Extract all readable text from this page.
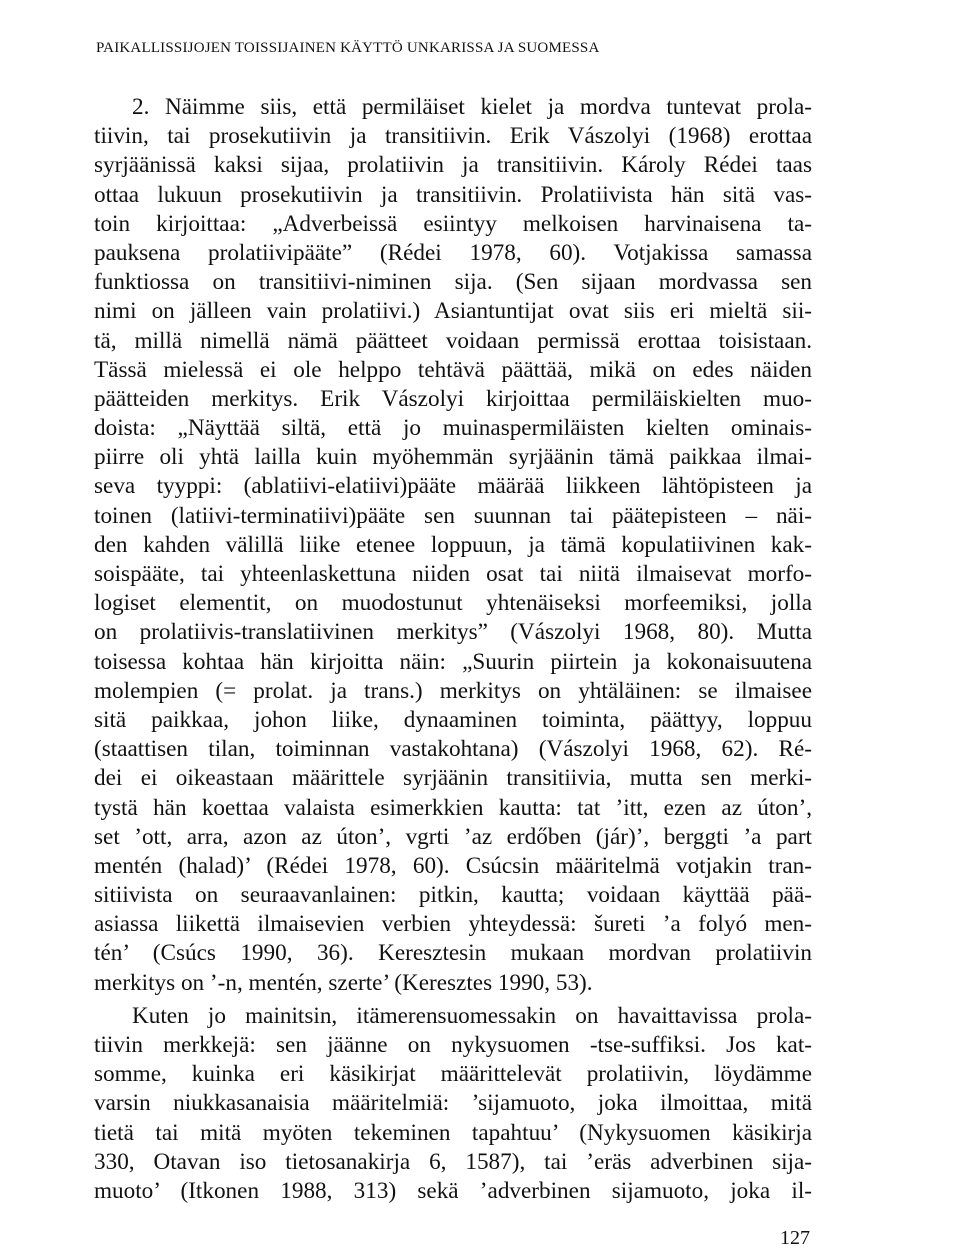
PAIKALLISSIJOJEN TOISSIJAINEN KÄYTTÖ UNKARISSA JA SUOMESSA
2. Näimme siis, että permiläiset kielet ja mordva tuntevat prola-
tiivin, tai prosekutiivin ja transitiivin. Erik Vászolyi (1968) erottaa
syrjäänissä kaksi sijaa, prolatiivin ja transitiivin. Károly Rédei taas
ottaa lukuun prosekutiivin ja transitiivin. Prolatiivista hän sitä vas-
toin kirjoittaa: „Adverbeissä esiintyy melkoisen harvinaisena ta-
pauksena prolatiivipääte” (Rédei 1978, 60). Votjakissa samassa
funktiossa on transitiivi-niminen sija. (Sen sijaan mordvassa sen
nimi on jälleen vain prolatiivi.) Asiantuntijat ovat siis eri mieltä sii-
tä, millä nimellä nämä päätteet voidaan permissä erottaa toisistaan.
Tässä mielessä ei ole helppo tehtävä päättää, mikä on edes näiden
päätteiden merkitys. Erik Vászolyi kirjoittaa permiläiskielten muo-
doista: „Näyttää siltä, että jo muinaspermiläisten kielten ominais-
piirre oli yhtä lailla kuin myöhemmän syrjäänin tämä paikkaa ilmai-
seva tyyppi: (ablatiivi-elatiivi)pääte määrää liikkeen lähtöpisteen ja
toinen (latiivi-terminatiivi)pääte sen suunnan tai päätepisteen – näi-
den kahden välillä liike etenee loppuun, ja tämä kopulatiivinen kak-
soispääte, tai yhteenlaskettuna niiden osat tai niitä ilmaisevat morfo-
logiset elementit, on muodostunut yhtenäiseksi morfeemiksi, jolla
on prolatiivis-translatiivinen merkitys” (Vászolyi 1968, 80). Mutta
toisessa kohtaa hän kirjoitta näin: „Suurin piirtein ja kokonaisuutena
molempien (= prolat. ja trans.) merkitys on yhtäläinen: se ilmaisee
sitä paikkaa, johon liike, dynaaminen toiminta, päättyy, loppuu
(staattisen tilan, toiminnan vastakohtana) (Vászolyi 1968, 62). Ré-
dei ei oikeastaan määrittele syrjäänin transitiivia, mutta sen merki-
tystä hän koettaa valaista esimerkkien kautta: tat ’itt, ezen az úton’,
set ’ott, arra, azon az úton’, vgrti ’az erdőben (jár)’, berggti ’a part
mentén (halad)’ (Rédei 1978, 60). Csúcsin määritelmä votjakin tran-
sitiivista on seuraavanlainen: pitkin, kautta; voidaan käyttää pää-
asiassa liikettä ilmaisevien verbien yhteydessä: šureti ’a folyó men-
tén’ (Csúcs 1990, 36). Keresztesin mukaan mordvan prolatiivin
merkitys on ’-n, mentén, szerte’ (Keresztes 1990, 53).
Kuten jo mainitsin, itämerensuomessakin on havaittavissa prola-
tiivin merkkejä: sen jäänne on nykysuomen -tse-suffiksi. Jos kat-
somme, kuinka eri käsikirjat määrittelevät prolatiivin, löydämme
varsin niukkasanaisia määritelmiä: ’sijamuoto, joka ilmoittaa, mitä
tietä tai mitä myöten tekeminen tapahtuu’ (Nykysuomen käsikirja
330, Otavan iso tietosanakirja 6, 1587), tai ’eräs adverbinen sija-
muoto’ (Itkonen 1988, 313) sekä ’adverbinen sijamuoto, joka il-
127
